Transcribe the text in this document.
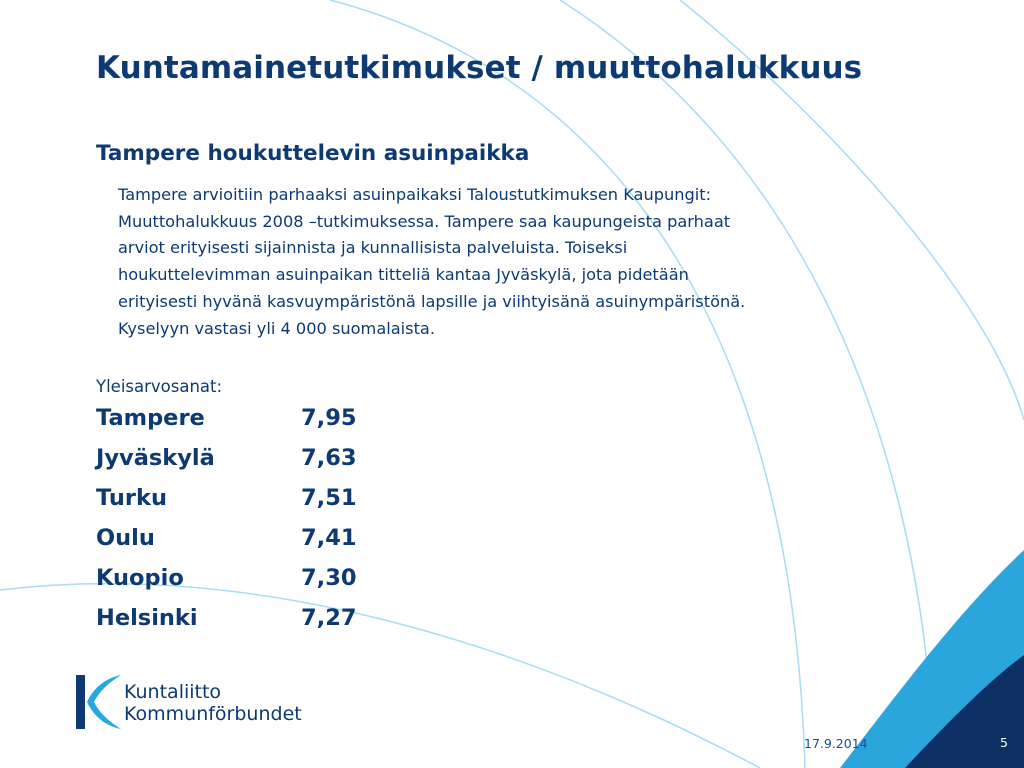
Kuntamainetutkimukset / muuttohalukkuus
Tampere houkuttelevin asuinpaikka

Tampere arvioitiin parhaaksi asuinpaikaksi Taloustutkimuksen Kaupungit:
Muuttohalukkuus 2008 –tutkimuksessa. Tampere saa kaupungeista parhaat
arviot erityisesti sijainnista ja kunnallisista palveluista. Toiseksi
houkuttelevimman asuinpaikan titteliä kantaa Jyväskylä, jota pidetään
erityisesti hyvänä kasvuympäristönä lapsille ja viihtyisänä asuinympäristönä.
Kyselyyn vastasi yli 4 000 suomalaista.

Yleisarvosanat:

Tampere	7,95
Jyväskylä	7,63
Turku	7,51
Oulu	7,41
Kuopio	7,30
Helsinki	7,27
Kuntaliitto
Kommunförbundet
17.9.2014	5
